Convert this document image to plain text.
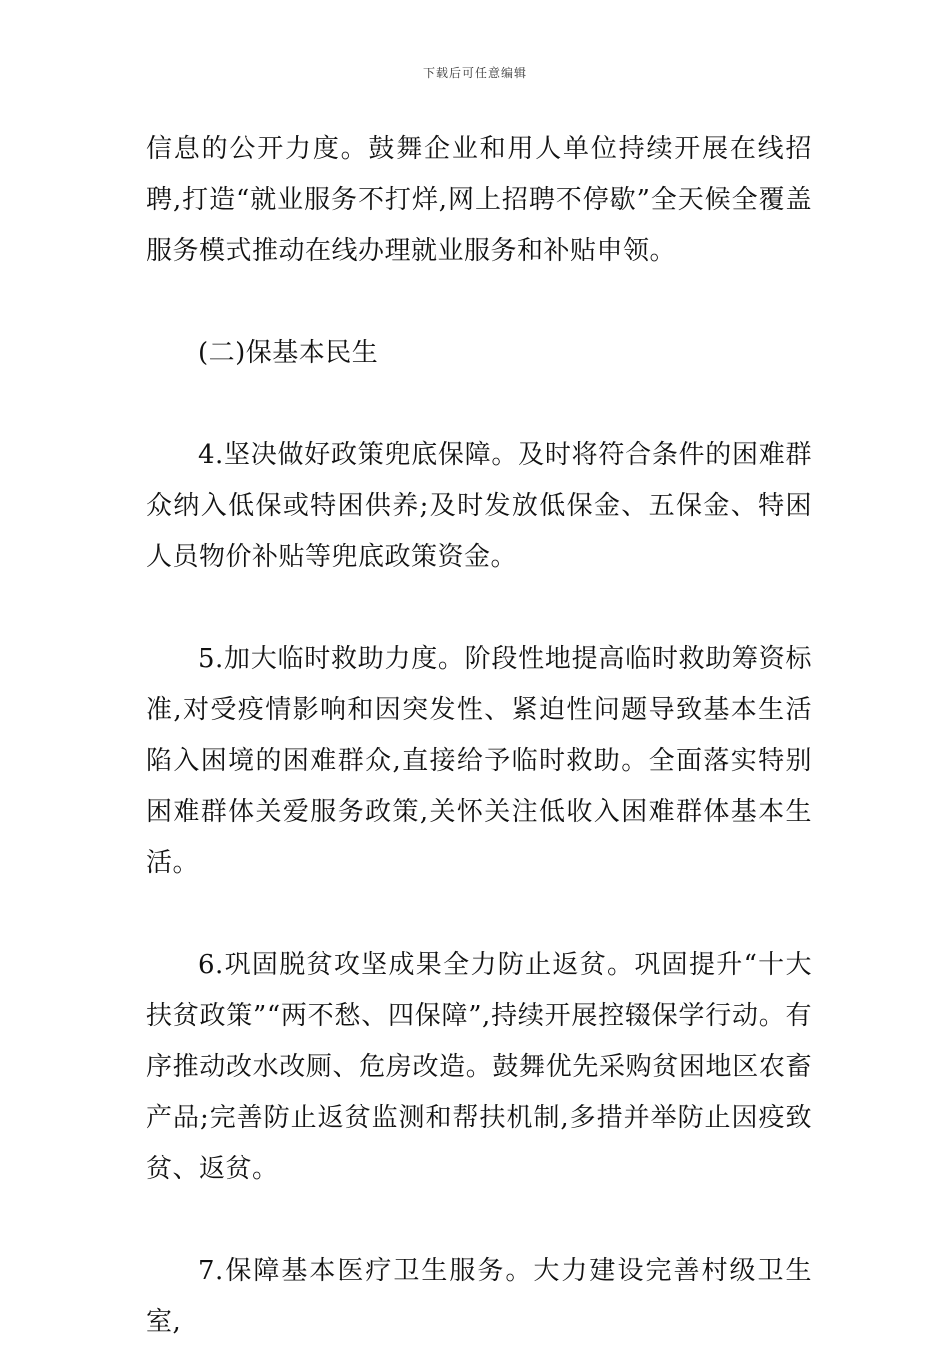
下载后可任意编辑

信息的公开力度。鼓舞企业和用人单位持续开展在线招聘,打造“就业服务不打烊,网上招聘不停歇”全天候全覆盖服务模式推动在线办理就业服务和补贴申领。

(二)保基本民生

4.坚决做好政策兜底保障。及时将符合条件的困难群众纳入低保或特困供养;及时发放低保金、五保金、特困人员物价补贴等兜底政策资金。

5.加大临时救助力度。阶段性地提高临时救助筹资标准,对受疫情影响和因突发性、紧迫性问题导致基本生活陷入困境的困难群众,直接给予临时救助。全面落实特别困难群体关爱服务政策,关怀关注低收入困难群体基本生活。

6.巩固脱贫攻坚成果全力防止返贫。巩固提升“十大扶贫政策”“两不愁、四保障”,持续开展控辍保学行动。有序推动改水改厕、危房改造。鼓舞优先采购贫困地区农畜产品;完善防止返贫监测和帮扶机制,多措并举防止因疫致贫、返贫。

7.保障基本医疗卫生服务。大力建设完善村级卫生室,
